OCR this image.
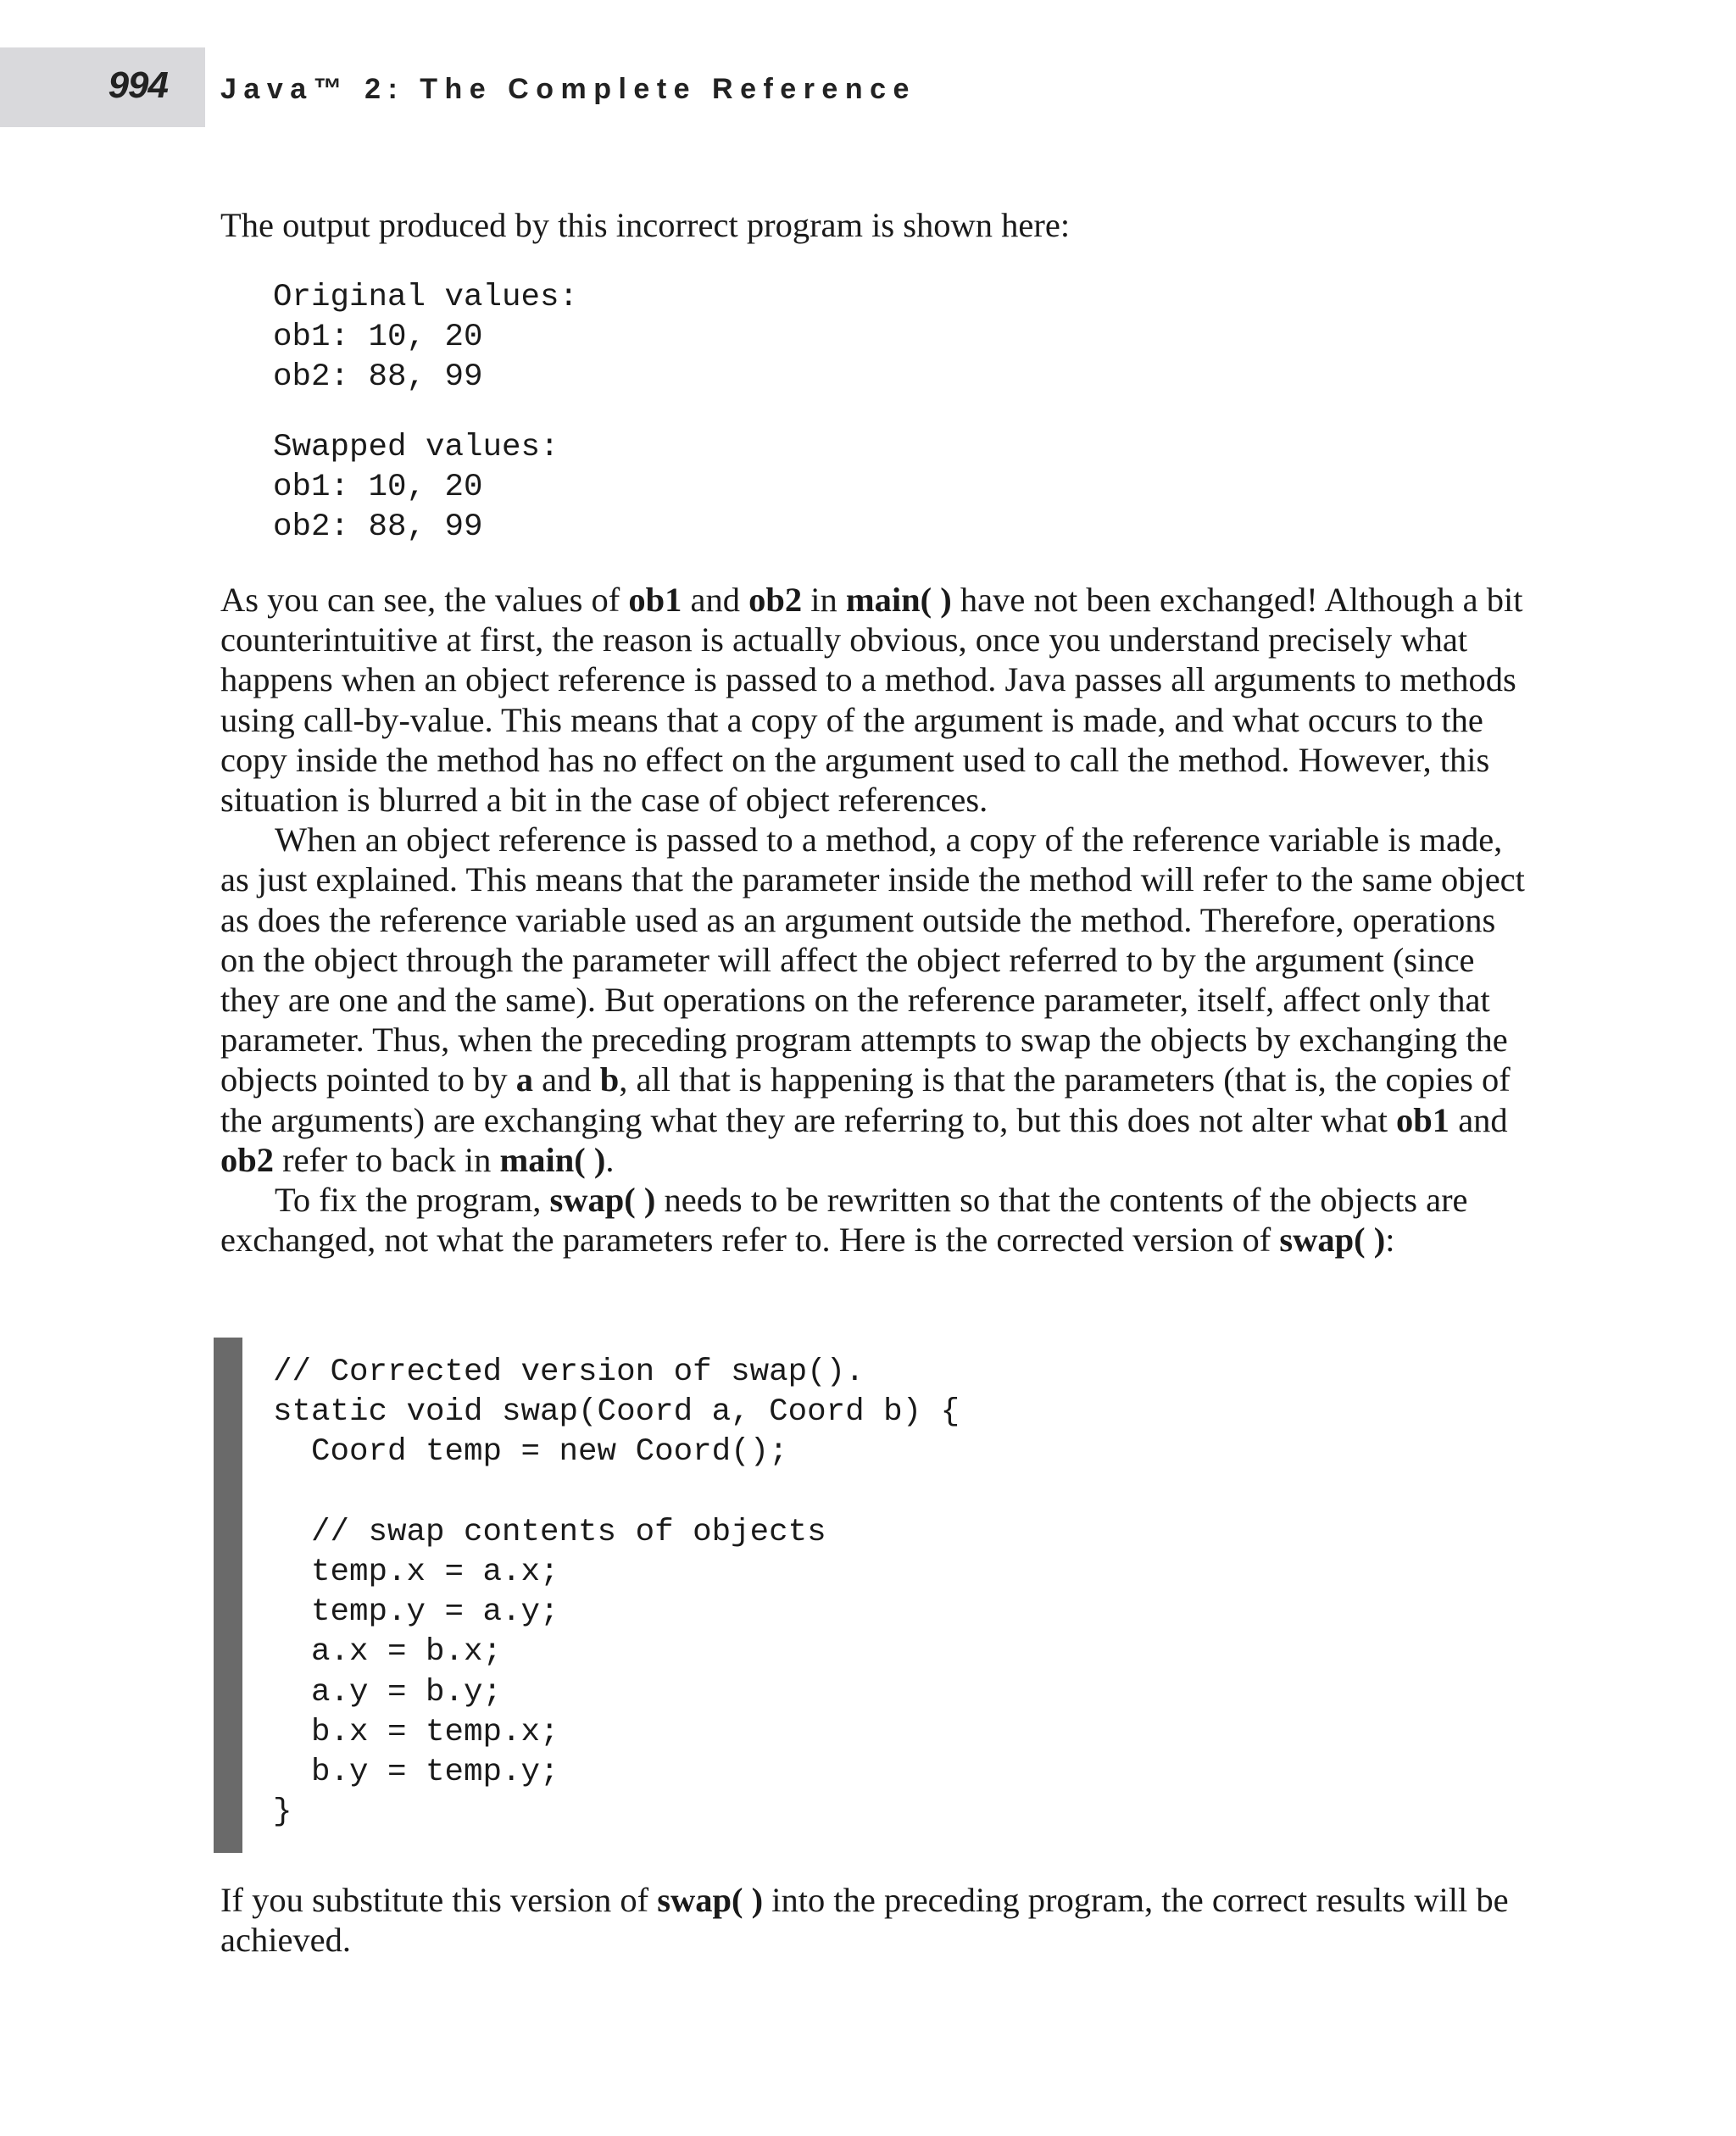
994 Java™ 2: The Complete Reference
The output produced by this incorrect program is shown here:
Original values:
ob1: 10, 20
ob2: 88, 99
Swapped values:
ob1: 10, 20
ob2: 88, 99

As you can see, the values of ob1 and ob2 in main( ) have not been exchanged! Although a bit counterintuitive at first, the reason is actually obvious, once you understand precisely what happens when an object reference is passed to a method. Java passes all arguments to methods using call-by-value. This means that a copy of the argument is made, and what occurs to the copy inside the method has no effect on the argument used to call the method. However, this situation is blurred a bit in the case of object references.

When an object reference is passed to a method, a copy of the reference variable is made, as just explained. This means that the parameter inside the method will refer to the same object as does the reference variable used as an argument outside the method. Therefore, operations on the object through the parameter will affect the object referred to by the argument (since they are one and the same). But operations on the reference parameter, itself, affect only that parameter. Thus, when the preceding program attempts to swap the objects by exchanging the objects pointed to by a and b, all that is happening is that the parameters (that is, the copies of the arguments) are exchanging what they are referring to, but this does not alter what ob1 and ob2 refer to back in main( ).

To fix the program, swap( ) needs to be rewritten so that the contents of the objects are exchanged, not what the parameters refer to. Here is the corrected version of swap( ):

// Corrected version of swap().
static void swap(Coord a, Coord b) {
Coord temp = new Coord();

// swap contents of objects
temp.x = a.x;
temp.y = a.y;
a.x = b.x;
a.y = b.y;
b.x = temp.x;
b.y = temp.y;
}

If you substitute this version of swap( ) into the preceding program, the correct results will be achieved.
